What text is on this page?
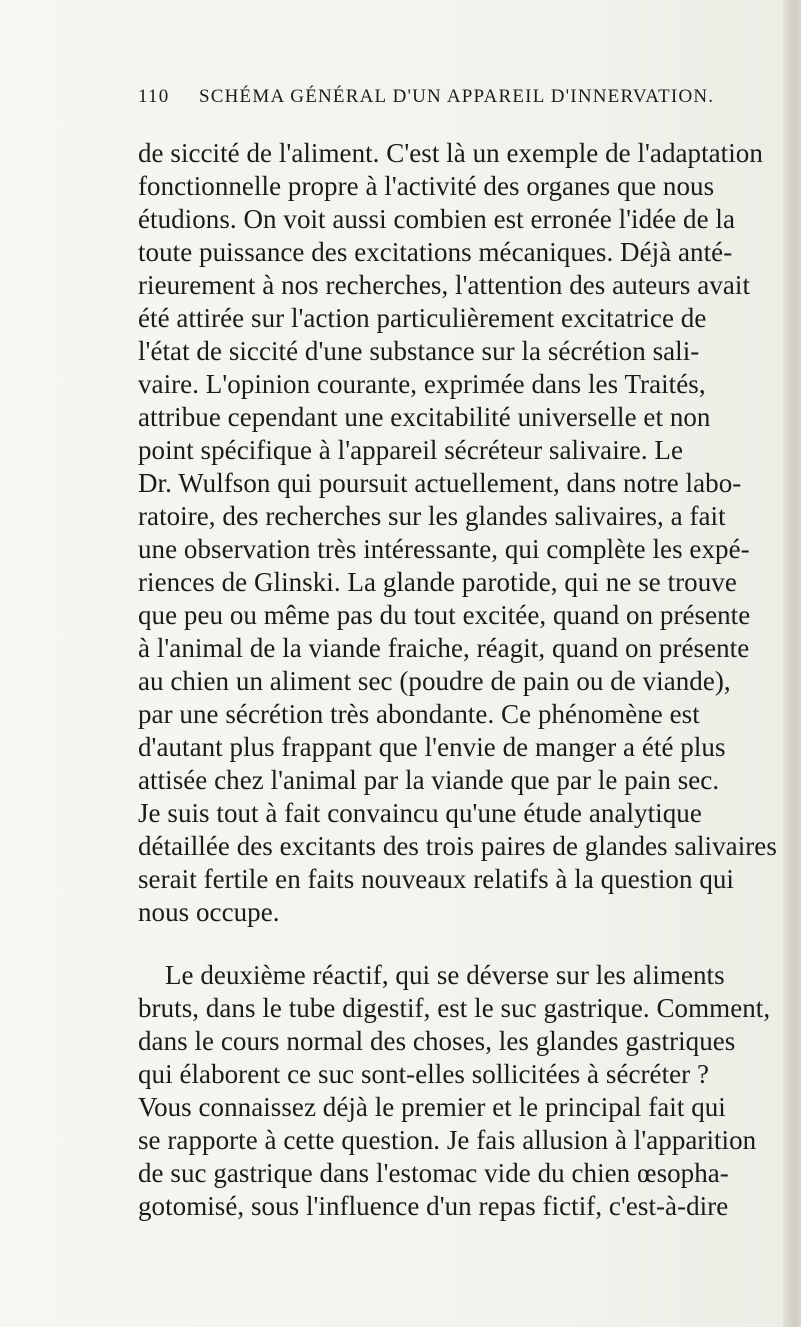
110 SCHÉMA GÉNÉRAL D'UN APPAREIL D'INNERVATION.
de siccité de l'aliment. C'est là un exemple de l'adaptation
fonctionnelle propre à l'activité des organes que nous
étudions. On voit aussi combien est erronée l'idée de la
toute puissance des excitations mécaniques. Déjà anté-
rieurement à nos recherches, l'attention des auteurs avait
été attirée sur l'action particulièrement excitatrice de
l'état de siccité d'une substance sur la sécrétion sali-
vaire. L'opinion courante, exprimée dans les Traités,
attribue cependant une excitabilité universelle et non
point spécifique à l'appareil sécréteur salivaire. Le
Dr. Wulfson qui poursuit actuellement, dans notre labo-
ratoire, des recherches sur les glandes salivaires, a fait
une observation très intéressante, qui complète les expé-
riences de Glinski. La glande parotide, qui ne se trouve
que peu ou même pas du tout excitée, quand on présente
à l'animal de la viande fraiche, réagit, quand on présente
au chien un aliment sec (poudre de pain ou de viande),
par une sécrétion très abondante. Ce phénomène est
d'autant plus frappant que l'envie de manger a été plus
attisée chez l'animal par la viande que par le pain sec.
Je suis tout à fait convaincu qu'une étude analytique
détaillée des excitants des trois paires de glandes salivaires
serait fertile en faits nouveaux relatifs à la question qui
nous occupe.
Le deuxième réactif, qui se déverse sur les aliments
bruts, dans le tube digestif, est le suc gastrique. Comment,
dans le cours normal des choses, les glandes gastriques
qui élaborent ce suc sont-elles sollicitées à sécréter ?
Vous connaissez déjà le premier et le principal fait qui
se rapporte à cette question. Je fais allusion à l'apparition
de suc gastrique dans l'estomac vide du chien œsopha-
gotomisé, sous l'influence d'un repas fictif, c'est-à-dire
